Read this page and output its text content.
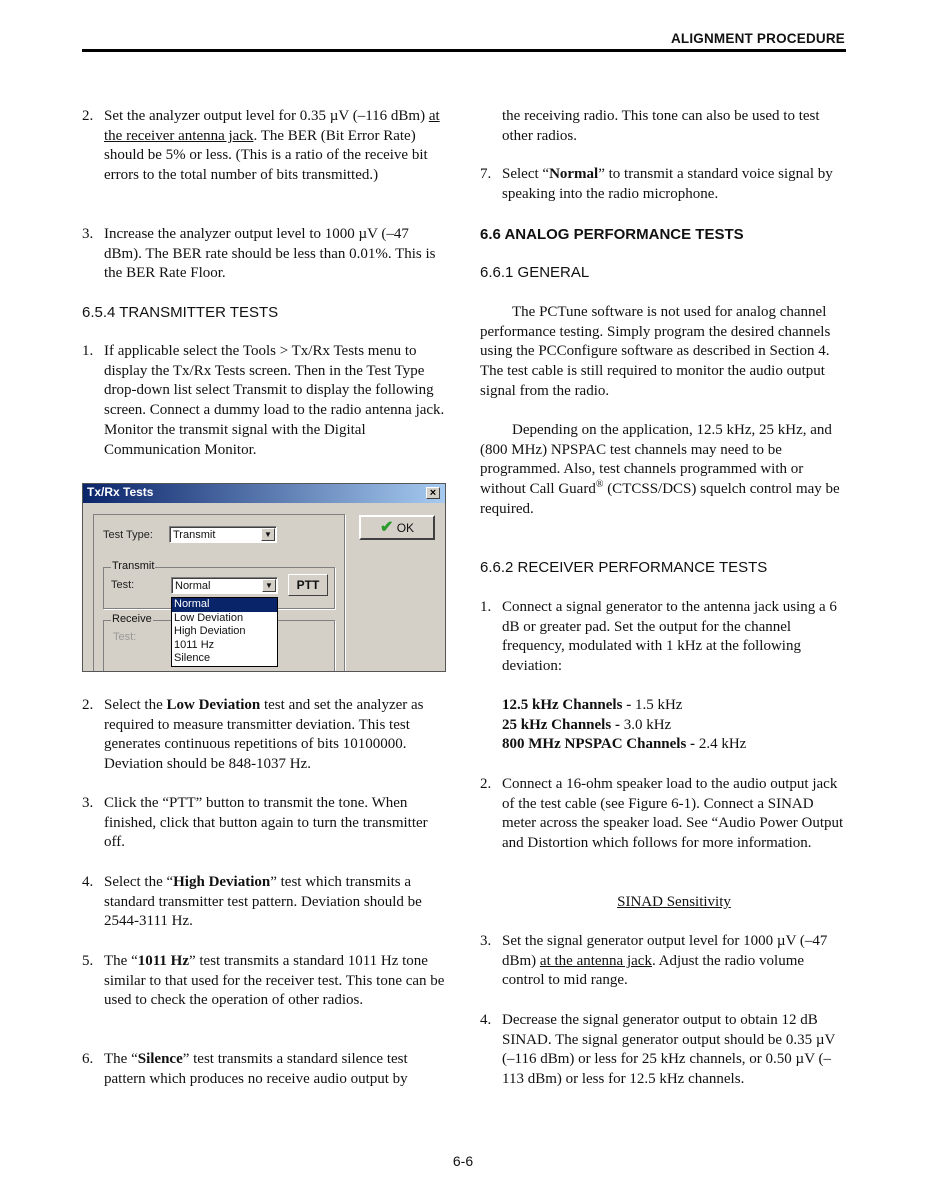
ALIGNMENT PROCEDURE
2. Set the analyzer output level for 0.35 µV (–116 dBm) at the receiver antenna jack. The BER (Bit Error Rate) should be 5% or less. (This is a ratio of the receive bit errors to the total number of bits transmitted.)
3. Increase the analyzer output level to 1000 µV (–47 dBm). The BER rate should be less than 0.01%. This is the BER Rate Floor.
6.5.4 TRANSMITTER TESTS
1. If applicable select the Tools > Tx/Rx Tests menu to display the Tx/Rx Tests screen. Then in the Test Type drop-down list select Transmit to display the following screen. Connect a dummy load to the radio antenna jack. Monitor the transmit signal with the Digital Communication Monitor.
Tx/Rx Tests	×
Test Type:	Transmit	▼
Transmit
Test:	Normal	▼	PTT
Receive
Test:
Normal
Low Deviation
High Deviation
1011 Hz
Silence
✔ OK
2. Select the Low Deviation test and set the analyzer as required to measure transmitter deviation. This test generates continuous repetitions of bits 10100000. Deviation should be 848-1037 Hz.
3. Click the “PTT” button to transmit the tone. When finished, click that button again to turn the transmitter off.
4. Select the “High Deviation” test which transmits a standard transmitter test pattern. Deviation should be 2544-3111 Hz.
5. The “1011 Hz” test transmits a standard 1011 Hz tone similar to that used for the receiver test. This tone can be used to check the operation of other radios.
6. The “Silence” test transmits a standard silence test pattern which produces no receive audio output by
the receiving radio. This tone can also be used to test other radios.
7. Select “Normal” to transmit a standard voice signal by speaking into the radio microphone.
6.6 ANALOG PERFORMANCE TESTS
6.6.1 GENERAL
The PCTune software is not used for analog channel performance testing. Simply program the desired channels using the PCConfigure software as described in Section 4. The test cable is still required to monitor the audio output signal from the radio.
Depending on the application, 12.5 kHz, 25 kHz, and (800 MHz) NPSPAC test channels may need to be programmed. Also, test channels programmed with or without Call Guard® (CTCSS/DCS) squelch control may be required.
6.6.2 RECEIVER PERFORMANCE TESTS
1. Connect a signal generator to the antenna jack using a 6 dB or greater pad. Set the output for the channel frequency, modulated with 1 kHz at the following deviation:
12.5 kHz Channels - 1.5 kHz
25 kHz Channels - 3.0 kHz
800 MHz NPSPAC Channels - 2.4 kHz
2. Connect a 16-ohm speaker load to the audio output jack of the test cable (see Figure 6-1). Connect a SINAD meter across the speaker load. See “Audio Power Output and Distortion which follows for more information.
SINAD Sensitivity
3. Set the signal generator output level for 1000 µV (–47 dBm) at the antenna jack. Adjust the radio volume control to mid range.
4. Decrease the signal generator output to obtain 12 dB SINAD. The signal generator output should be 0.35 µV (–116 dBm) or less for 25 kHz channels, or 0.50 µV (–113 dBm) or less for 12.5 kHz channels.
6-6
